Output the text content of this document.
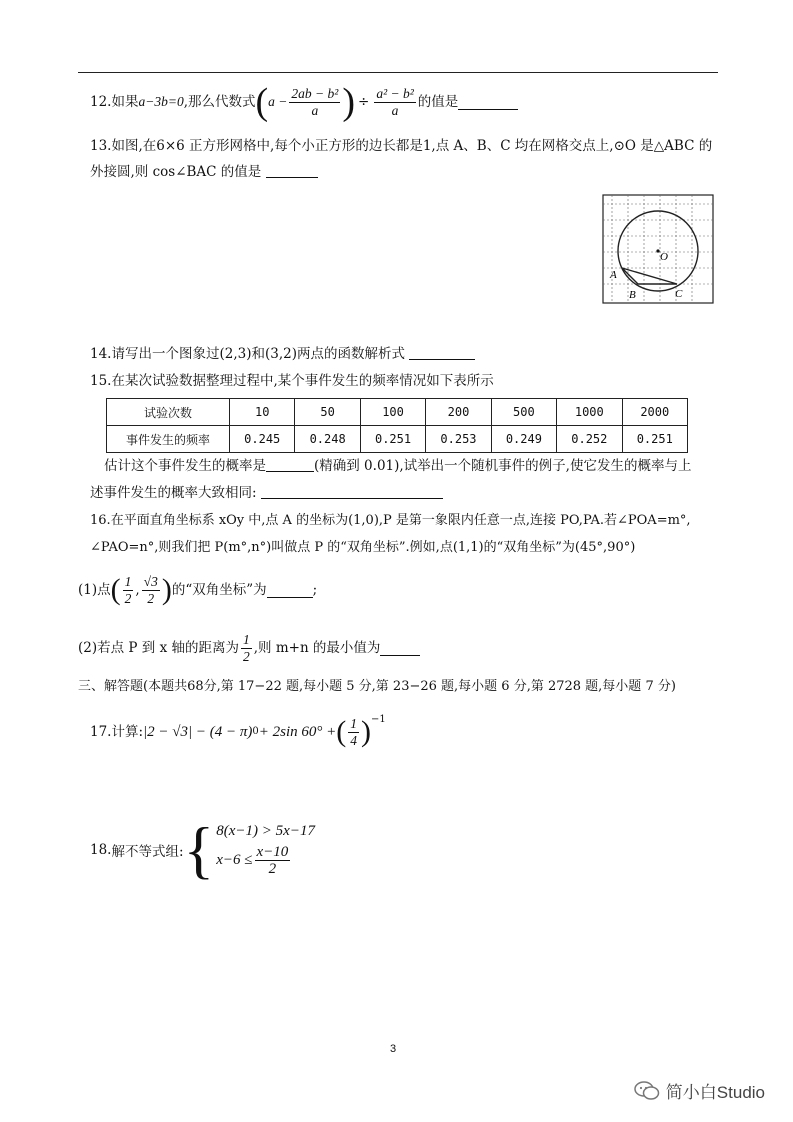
12. 如果 a−3b=0 ,那么代数式 ( $a - \frac{\text{2ab − b²}}{a}$ ) ÷ $\frac{\text{a² − b²}}{a}$ 的值是
13.如图,在6×6 正方形网格中,每个小正方形的边长都是1,点 A、B、C 均在网格交点上,⊙O 是△ABC 的
外接圆,则 cos∠BAC 的值是
O
A
B	C
14.请写出一个图象过(2,3)和(3,2)两点的函数解析式
15.在某次试验数据整理过程中,某个事件发生的频率情况如下表所示
试验次数	10	50	100	200	500	1000	2000
事件发生的频率	0.245	0.248	0.251	0.253	0.249	0.252	0.251
估计这个事件发生的概率是	(精确到 0.01),试举出一个随机事件的例子,使它发生的概率与上
述事件发生的概率大致相同:
16.在平面直角坐标系 xOy 中,点 A 的坐标为(1,0),P 是第一象限内任意一点,连接 PO,PA.若∠POA=m°,
∠PAO=n°,则我们把 P(m°,n°)叫做点 P 的“双角坐标”.例如,点(1,1)的“双角坐标”为(45°,90°)
(1)点 ( $\frac{1}{2}$ , $\frac{√3}{2}$ ) 的“双角坐标”为	;
(2)若点 P 到 x 轴的距离为 $\frac{1}{2}$ ,则 m+n 的最小值为
三、解答题(本题共68分,第 17−22 题,每小题 5 分,第 23−26 题,每小题 6 分,第 2728 题,每小题 7 分)
17. 计算: |2 − √3| − (4 − π) 0 + 2sin 60° + ( $\frac{1}{4} )^{-1}$
18. 解不等式组: { 8(x−1) > 5x−17
$x-6 \le \frac{x-10}{2}$
3
简小白Studio
